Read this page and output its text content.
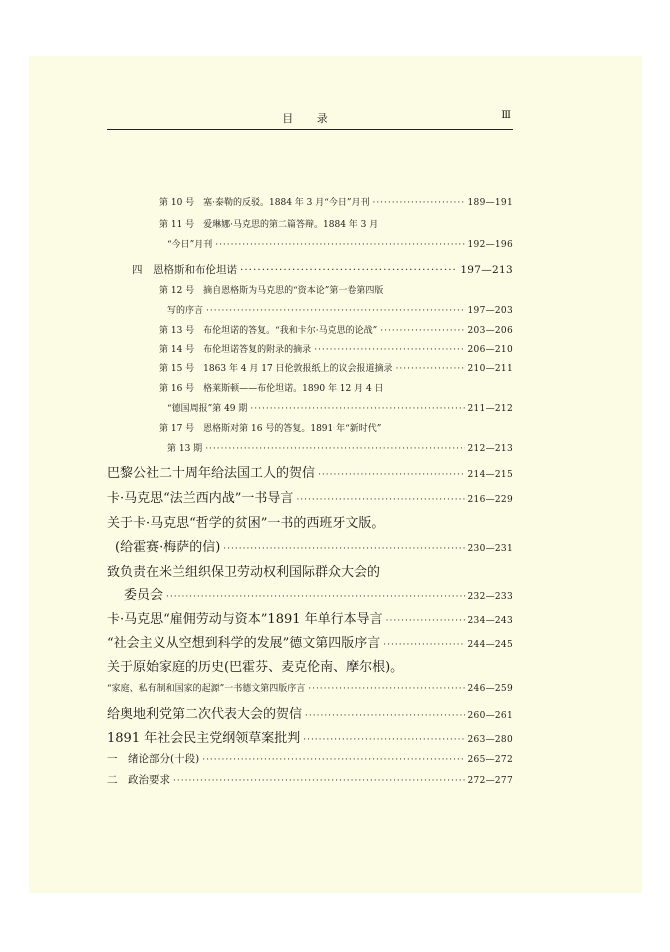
目 录	Ⅲ
第 10 号　塞·泰勒的反驳。1884 年 3 月“今日”月刊 ·····	189—191
第 11 号　爱琳娜·马克思的第二篇答辩。1884 年 3 月
“今日”月刊 ·····	192—196
四　恩格斯和布伦坦诺 ·····	197—213
第 12 号　摘自恩格斯为马克思的“资本论”第一卷第四版
写的序言 ·····	197—203
第 13 号　布伦坦诺的答复。“我和卡尔·马克思的论战” ·····	203—206
第 14 号　布伦坦诺答复的附录的摘录 ·····	206—210
第 15 号　1863 年 4 月 17 日伦敦报纸上的议会报道摘录 ·····	210—211
第 16 号　格莱斯顿——布伦坦诺。1890 年 12 月 4 日
“德国周报”第 49 期 ·····	211—212
第 17 号　恩格斯对第 16 号的答复。1891 年“新时代”
第 13 期 ·····	212—213
巴黎公社二十周年给法国工人的贺信 ·····	214—215
卡·马克思“法兰西内战”一书导言 ·····	216—229
关于卡·马克思“哲学的贫困”一书的西班牙文版。
(给霍赛·梅萨的信) ·····	230—231
致负责在米兰组织保卫劳动权利国际群众大会的
委员会 ·····	232—233
卡·马克思“雇佣劳动与资本”1891 年单行本导言 ·····	234—243
“社会主义从空想到科学的发展”德文第四版序言 ·····	244—245
关于原始家庭的历史(巴霍芬、麦克伦南、摩尔根)。
“家庭、私有制和国家的起源”一书德文第四版序言 ·····	246—259
给奥地利党第二次代表大会的贺信 ·····	260—261
1891 年社会民主党纲领草案批判 ·····	263—280
一　绪论部分(十段) ·····	265—272
二　政治要求 ·····	272—277
